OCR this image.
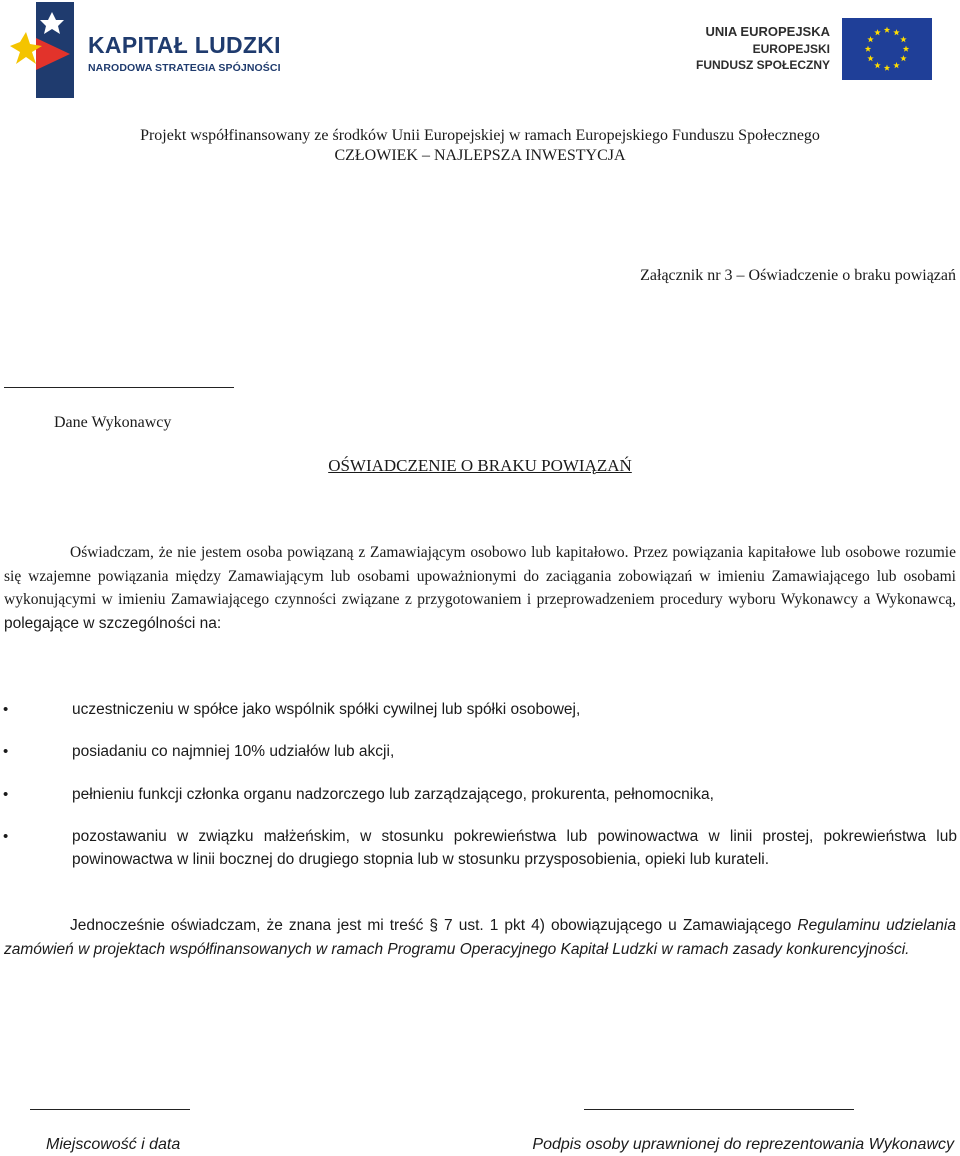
KAPITAŁ LUDZKI
NARODOWA STRATEGIA SPÓJNOŚCI
UNIA EUROPEJSKA
EUROPEJSKI
FUNDUSZ SPOŁECZNY
Projekt współfinansowany ze środków Unii Europejskiej w ramach Europejskiego Funduszu Społecznego
CZŁOWIEK – NAJLEPSZA INWESTYCJA
Załącznik nr 3 – Oświadczenie o braku powiązań
Dane Wykonawcy
OŚWIADCZENIE O BRAKU POWIĄZAŃ
Oświadczam, że nie jestem osoba powiązaną z Zamawiającym osobowo lub kapitałowo. Przez powiązania kapitałowe lub osobowe rozumie się wzajemne powiązania między Zamawiającym lub osobami upoważnionymi do zaciągania zobowiązań w imieniu Zamawiającego lub osobami wykonującymi w imieniu Zamawiającego czynności związane z przygotowaniem i przeprowadzeniem procedury wyboru Wykonawcy a Wykonawcą, polegające w szczególności na:
•	uczestniczeniu w spółce jako wspólnik spółki cywilnej lub spółki osobowej,
•	posiadaniu co najmniej 10% udziałów lub akcji,
•	pełnieniu funkcji członka organu nadzorczego lub zarządzającego, prokurenta, pełnomocnika,
•	pozostawaniu w związku małżeńskim, w stosunku pokrewieństwa lub powinowactwa w linii prostej, pokrewieństwa lub powinowactwa w linii bocznej do drugiego stopnia lub w stosunku przysposobienia, opieki lub kurateli.
Jednocześnie oświadczam, że znana jest mi treść § 7 ust. 1 pkt 4) obowiązującego u Zamawiającego Regulaminu udzielania zamówień w projektach współfinansowanych w ramach Programu Operacyjnego Kapitał Ludzki w ramach zasady konkurencyjności.
Miejscowość i data	Podpis osoby uprawnionej do reprezentowania Wykonawcy
